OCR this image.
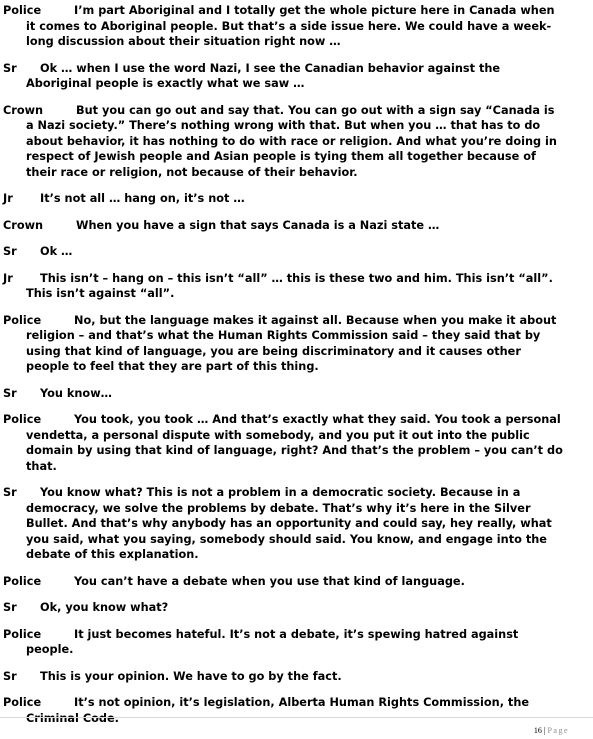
Police	I’m part Aboriginal and I totally get the whole picture here in Canada when it comes to Aboriginal people. But that’s a side issue here. We could have a week-long discussion about their situation right now …

Sr Ok … when I use the word Nazi, I see the Canadian behavior against the Aboriginal people is exactly what we saw …

Crown	But you can go out and say that. You can go out with a sign say “Canada is a Nazi society.” There’s nothing wrong with that. But when you … that has to do about behavior, it has nothing to do with race or religion. And what you’re doing in respect of Jewish people and Asian people is tying them all together because of their race or religion, not because of their behavior.

Jr It’s not all … hang on, it’s not …

Crown	When you have a sign that says Canada is a Nazi state …

Sr Ok …

Jr This isn’t – hang on – this isn’t “all” … this is these two and him. This isn’t “all”. This isn’t against “all”.

Police	No, but the language makes it against all. Because when you make it about religion – and that’s what the Human Rights Commission said – they said that by using that kind of language, you are being discriminatory and it causes other people to feel that they are part of this thing.

Sr You know…

Police	You took, you took … And that’s exactly what they said. You took a personal vendetta, a personal dispute with somebody, and you put it out into the public domain by using that kind of language, right? And that’s the problem – you can’t do that.

Sr You know what? This is not a problem in a democratic society. Because in a democracy, we solve the problems by debate. That’s why it’s here in the Silver Bullet. And that’s why anybody has an opportunity and could say, hey really, what you said, what you saying, somebody should said. You know, and engage into the debate of this explanation.

Police	You can’t have a debate when you use that kind of language.

Sr Ok, you know what?

Police	It just becomes hateful. It’s not a debate, it’s spewing hatred against people.

Sr This is your opinion. We have to go by the fact.

Police	It’s not opinion, it’s legislation, Alberta Human Rights Commission, the Criminal Code.

16 | Page
